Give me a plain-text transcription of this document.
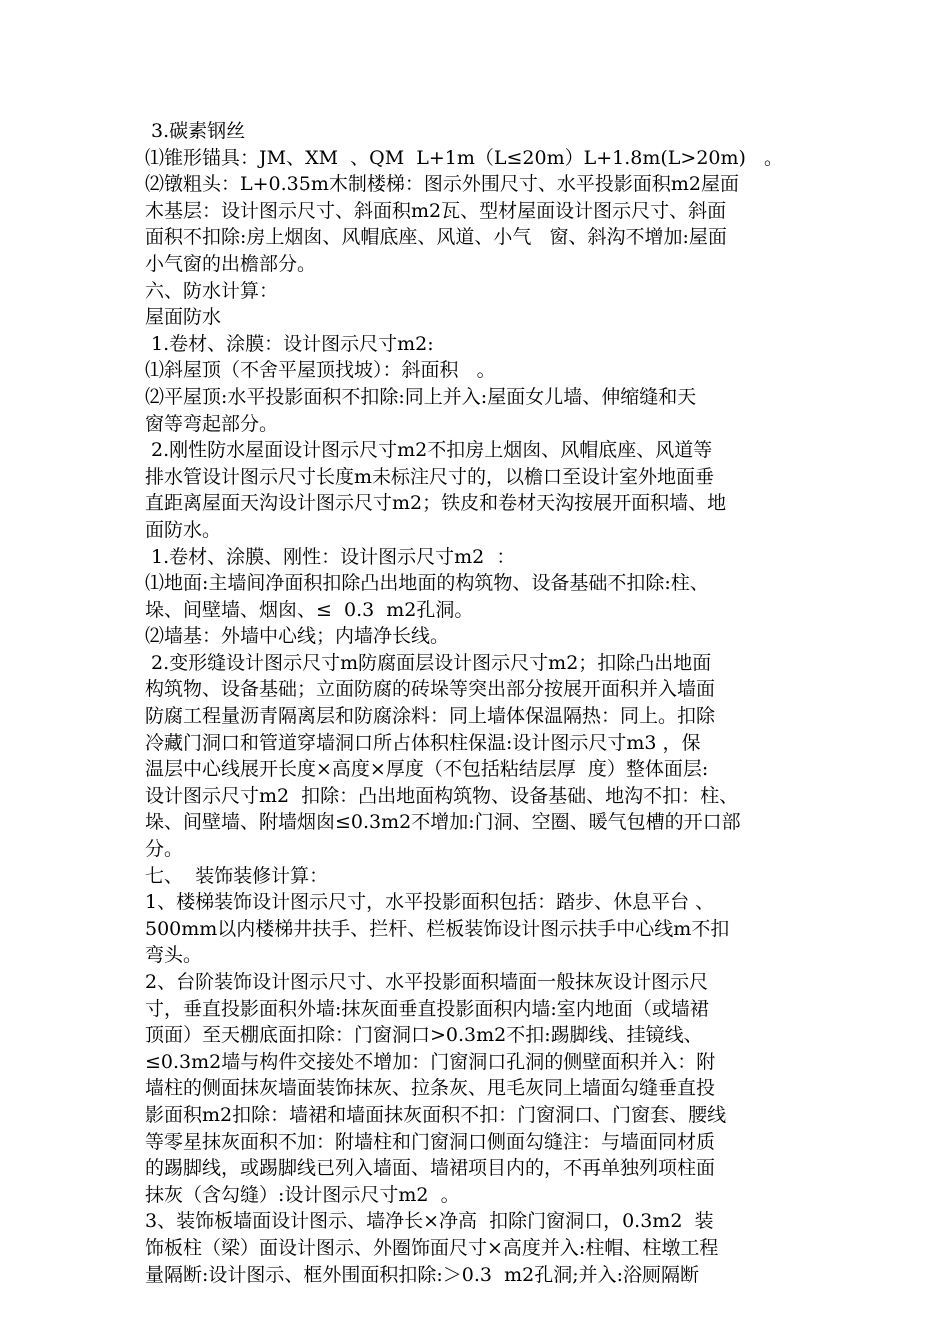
3.碳素钢丝
⑴锥形锚具：JM、XM  、QM  L+1m（L≤20m）L+1.8m(L>20m)   。
⑵镦粗头：L+0.35m木制楼梯：图示外围尺寸、水平投影面积m2屋面
木基层：设计图示尺寸、斜面积m2瓦、型材屋面设计图示尺寸、斜面
面积不扣除:房上烟囱、风帽底座、风道、小气   窗、斜沟不增加:屋面
小气窗的出檐部分。
六、防水计算：
屋面防水
1.卷材、涂膜：设计图示尺寸m2:
⑴斜屋顶（不舍平屋顶找坡）：斜面积   。
⑵平屋顶:水平投影面积不扣除:同上并入:屋面女儿墙、伸缩缝和天
窗等弯起部分。
2.刚性防水屋面设计图示尺寸m2不扣房上烟囱、风帽底座、风道等
排水管设计图示尺寸长度m未标注尺寸的，以檐口至设计室外地面垂
直距离屋面天沟设计图示尺寸m2；铁皮和卷材天沟按展开面积墙、地
面防水。
1.卷材、涂膜、刚性：设计图示尺寸m2  ：
⑴地面:主墙间净面积扣除凸出地面的构筑物、设备基础不扣除:柱、
垛、间壁墙、烟囱、≤  0.3  m2孔洞。
⑵墙基：外墙中心线；内墙净长线。
2.变形缝设计图示尺寸m防腐面层设计图示尺寸m2；扣除凸出地面
构筑物、设备基础；立面防腐的砖垛等突出部分按展开面积并入墙面
防腐工程量沥青隔离层和防腐涂料：同上墙体保温隔热：同上。扣除
冷藏门洞口和管道穿墙洞口所占体积柱保温:设计图示尺寸m3 ，保
温层中心线展开长度×高度×厚度（不包括粘结层厚  度）整体面层:
设计图示尺寸m2  扣除：凸出地面构筑物、设备基础、地沟不扣：柱、
垛、间壁墙、附墙烟囱≤0.3m2不增加:门洞、空圈、暖气包槽的开口部
分。
七、  装饰装修计算：
1、楼梯装饰设计图示尺寸，水平投影面积包括：踏步、休息平台 、
500mm以内楼梯井扶手、拦杆、栏板装饰设计图示扶手中心线m不扣
弯头。
2、台阶装饰设计图示尺寸、水平投影面积墙面一般抹灰设计图示尺
寸，垂直投影面积外墙:抹灰面垂直投影面积内墙:室内地面（或墙裙
顶面）至天棚底面扣除：门窗洞口>0.3m2不扣:踢脚线、挂镜线、
≤0.3m2墙与构件交接处不增加：门窗洞口孔洞的侧壁面积并入：附
墙柱的侧面抹灰墙面装饰抹灰、拉条灰、甩毛灰同上墙面勾缝垂直投
影面积m2扣除：墙裙和墙面抹灰面积不扣：门窗洞口、门窗套、腰线
等零星抹灰面积不加：附墙柱和门窗洞口侧面勾缝注：与墙面同材质
的踢脚线，或踢脚线已列入墙面、墙裙项目内的，不再单独列项柱面
抹灰（含勾缝）:设计图示尺寸m2  。
3、装饰板墙面设计图示、墙净长×净高  扣除门窗洞口，0.3m2  装
饰板柱（梁）面设计图示、外圈饰面尺寸×高度并入:柱帽、柱墩工程
量隔断:设计图示、框外围面积扣除:＞0.3  m2孔洞;并入:浴厕隔断
